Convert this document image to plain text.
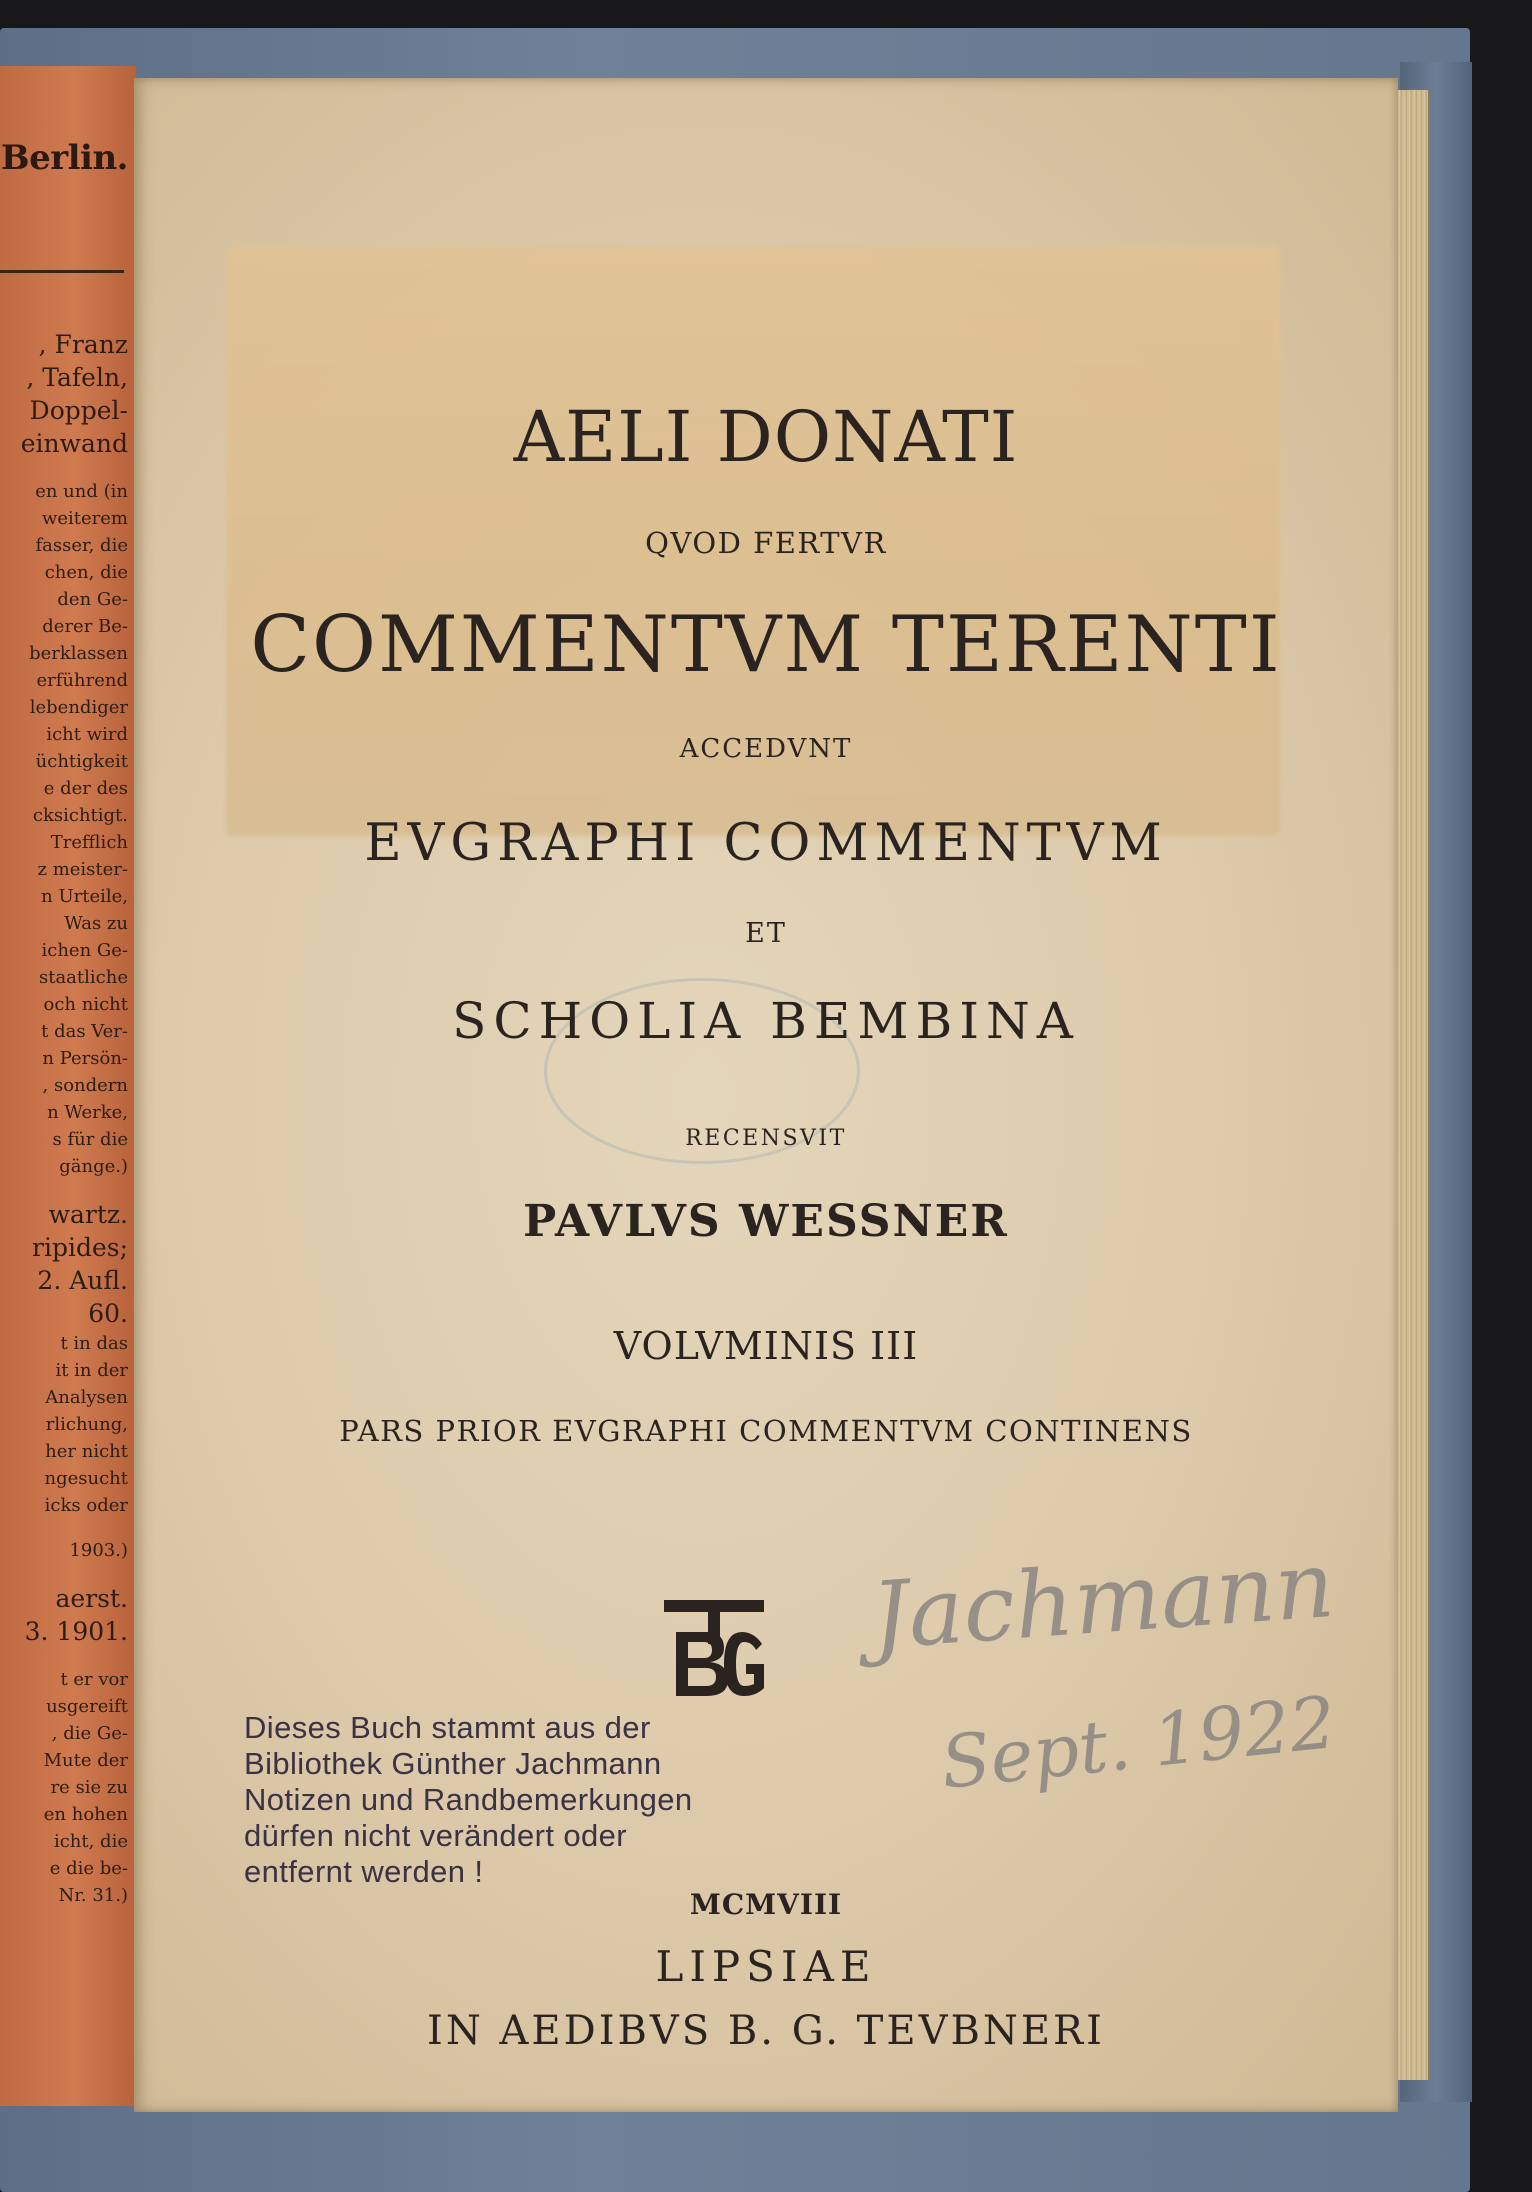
Berlin.
, Franz
, Tafeln,
Doppel-
einwand
en und (in
weiterem
fasser, die
chen, die
den Ge-
derer Be-
berklassen
erführend
lebendiger
icht wird
üchtigkeit
e der des
cksichtigt.
Trefflich
z meister-
n Urteile,
Was zu
ichen Ge-
staatliche
och nicht
t das Ver-
n Persön-
, sondern
n Werke,
s für die
gänge.)
wartz.
ripides;
2. Aufl.
60.
t in das
it in der
Analysen
rlichung,
her nicht
ngesucht
icks oder
1903.)
aerst.
3. 1901.
t er vor
usgereift
, die Ge-
Mute der
re sie zu
en hohen
icht, die
e die be-
Nr. 31.)
AELI DONATI
QVOD FERTVR
COMMENTVM TERENTI
ACCEDVNT
EVGRAPHI COMMENTVM
ET
SCHOLIA BEMBINA
RECENSVIT
PAVLVS WESSNER
VOLVMINIS III
PARS PRIOR EVGRAPHI COMMENTVM CONTINENS
Dieses Buch stammt aus der
Bibliothek Günther Jachmann
Notizen und Randbemerkungen
dürfen nicht verändert oder
entfernt werden !
Jachmann
Sept. 1922
MCMVIII
LIPSIAE
IN AEDIBVS B. G. TEVBNERI
